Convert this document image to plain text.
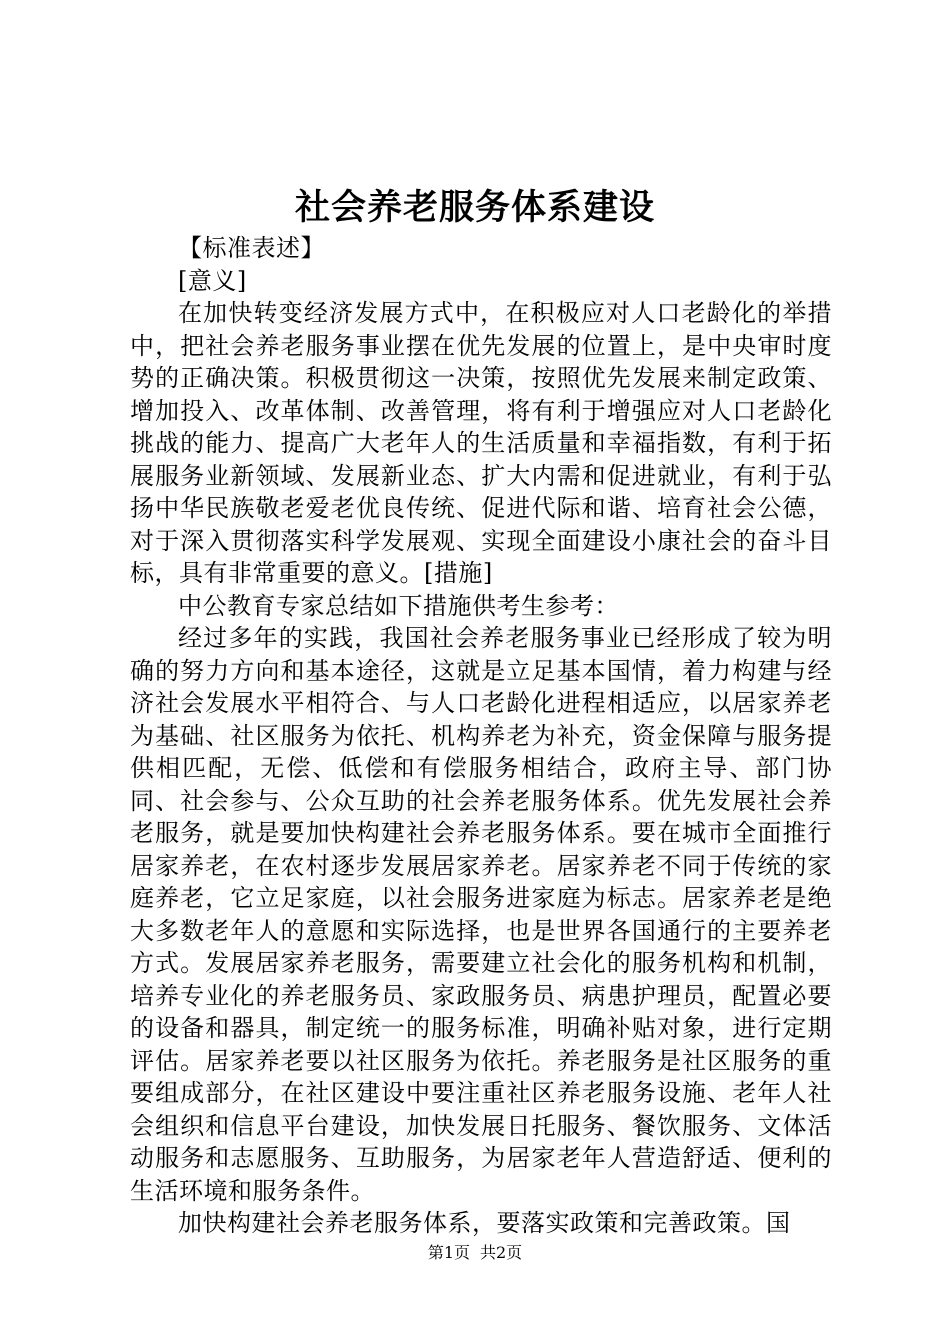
社会养老服务体系建设

【标准表述】

[意义]

在加快转变经济发展方式中，在积极应对人口老龄化的举措中，把社会养老服务事业摆在优先发展的位置上，是中央审时度势的正确决策。积极贯彻这一决策，按照优先发展来制定政策、增加投入、改革体制、改善管理，将有利于增强应对人口老龄化挑战的能力、提高广大老年人的生活质量和幸福指数，有利于拓展服务业新领域、发展新业态、扩大内需和促进就业，有利于弘扬中华民族敬老爱老优良传统、促进代际和谐、培育社会公德，对于深入贯彻落实科学发展观、实现全面建设小康社会的奋斗目标，具有非常重要的意义。[措施]

中公教育专家总结如下措施供考生参考：

经过多年的实践，我国社会养老服务事业已经形成了较为明确的努力方向和基本途径，这就是立足基本国情，着力构建与经济社会发展水平相符合、与人口老龄化进程相适应，以居家养老为基础、社区服务为依托、机构养老为补充，资金保障与服务提供相匹配，无偿、低偿和有偿服务相结合，政府主导、部门协同、社会参与、公众互助的社会养老服务体系。优先发展社会养老服务，就是要加快构建社会养老服务体系。要在城市全面推行居家养老，在农村逐步发展居家养老。居家养老不同于传统的家庭养老，它立足家庭，以社会服务进家庭为标志。居家养老是绝大多数老年人的意愿和实际选择，也是世界各国通行的主要养老方式。发展居家养老服务，需要建立社会化的服务机构和机制，培养专业化的养老服务员、家政服务员、病患护理员，配置必要的设备和器具，制定统一的服务标准，明确补贴对象，进行定期评估。居家养老要以社区服务为依托。养老服务是社区服务的重要组成部分，在社区建设中要注重社区养老服务设施、老年人社会组织和信息平台建设，加快发展日托服务、餐饮服务、文体活动服务和志愿服务、互助服务，为居家老年人营造舒适、便利的生活环境和服务条件。

加快构建社会养老服务体系，要落实政策和完善政策。国

第1页 共2页
